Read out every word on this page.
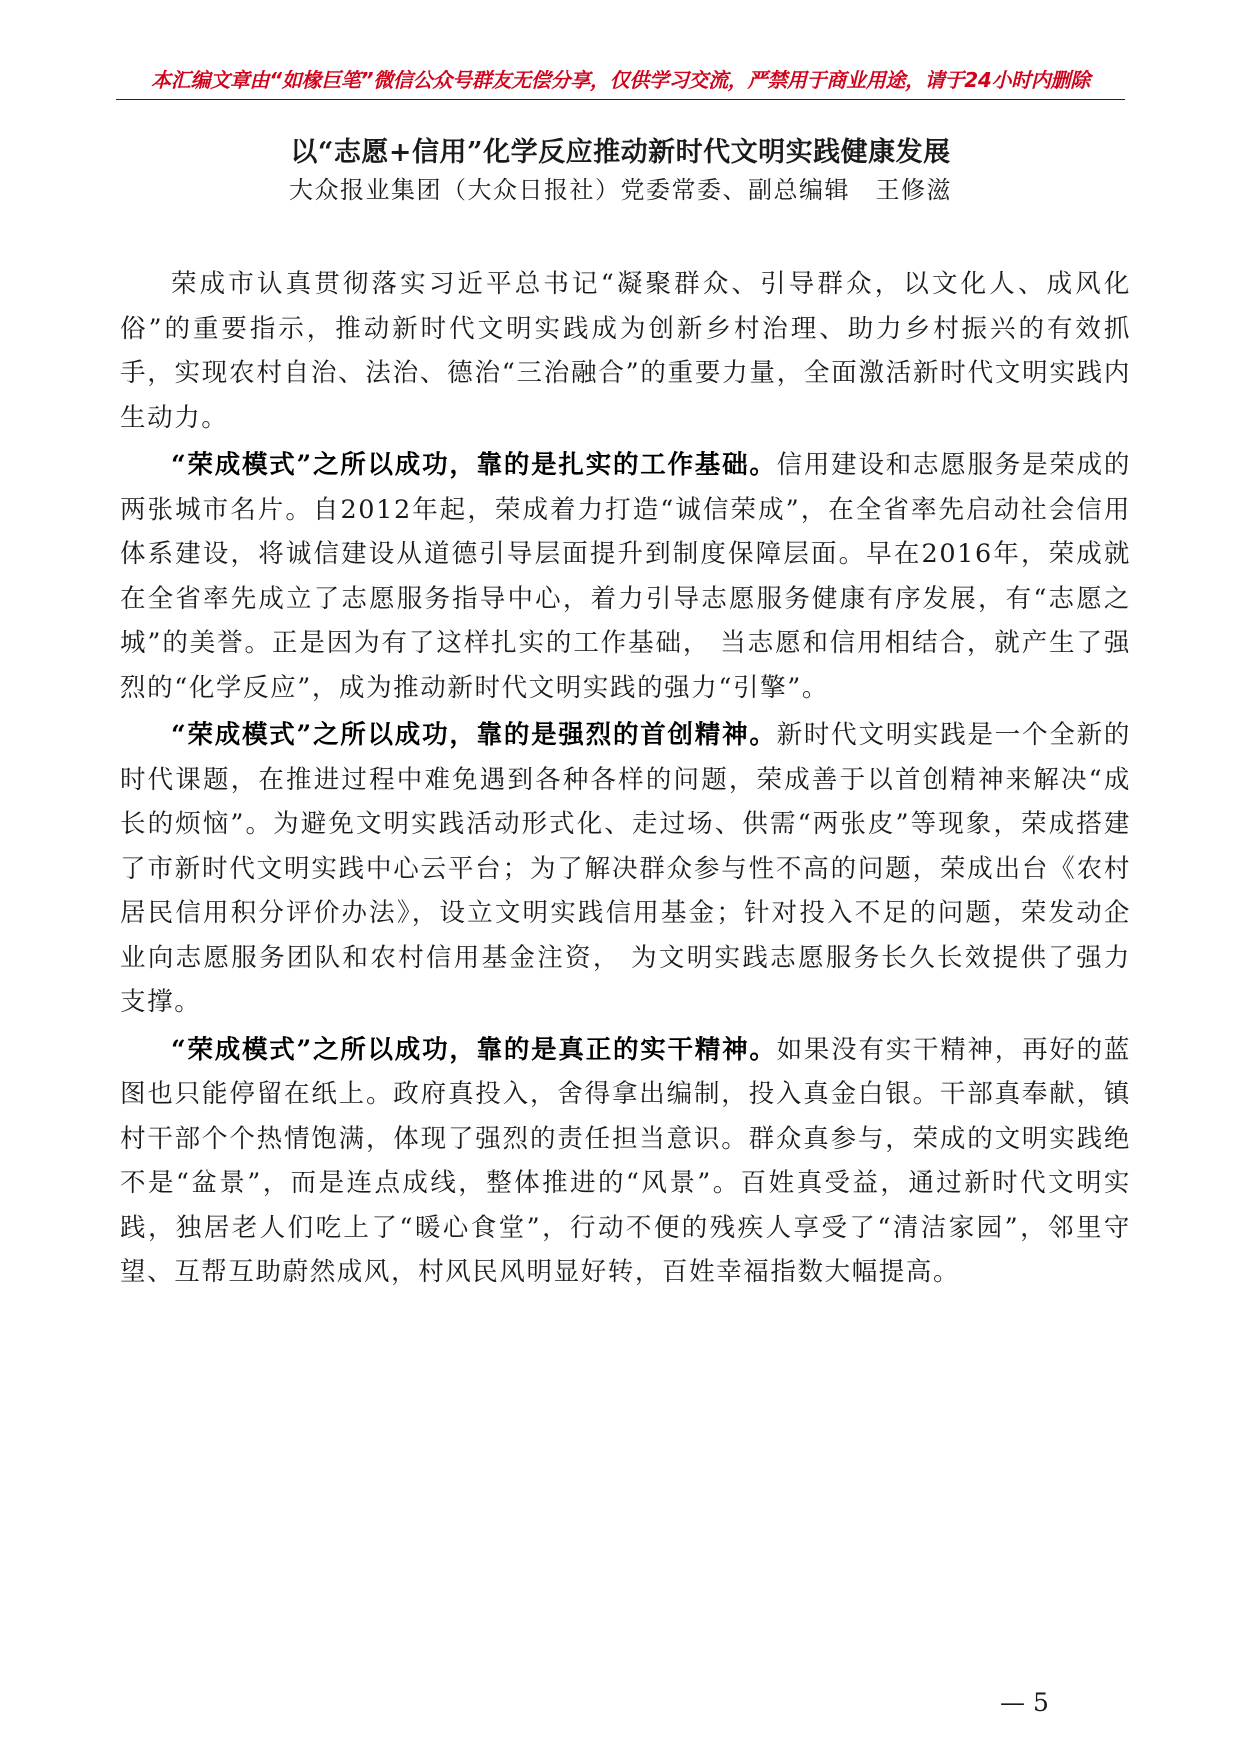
本汇编文章由“如椽巨笔”微信公众号群友无偿分享，仅供学习交流，严禁用于商业用途，请于24小时内删除
以“志愿+信用”化学反应推动新时代文明实践健康发展
大众报业集团（大众日报社）党委常委、副总编辑　王修滋

荣成市认真贯彻落实习近平总书记“凝聚群众、引导群众，以文化人、成风化俗”的重要指示，推动新时代文明实践成为创新乡村治理、助力乡村振兴的有效抓手，实现农村自治、法治、德治“三治融合”的重要力量，全面激活新时代文明实践内生动力。

“荣成模式”之所以成功，靠的是扎实的工作基础。信用建设和志愿服务是荣成的两张城市名片。自2012年起，荣成着力打造“诚信荣成”，在全省率先启动社会信用体系建设，将诚信建设从道德引导层面提升到制度保障层面。早在2016年，荣成就在全省率先成立了志愿服务指导中心，着力引导志愿服务健康有序发展，有“志愿之城”的美誉。正是因为有了这样扎实的工作基础， 当志愿和信用相结合，就产生了强烈的“化学反应”，成为推动新时代文明实践的强力“引擎”。

“荣成模式”之所以成功，靠的是强烈的首创精神。新时代文明实践是一个全新的时代课题，在推进过程中难免遇到各种各样的问题，荣成善于以首创精神来解决“成长的烦恼”。为避免文明实践活动形式化、走过场、供需“两张皮”等现象，荣成搭建了市新时代文明实践中心云平台；为了解决群众参与性不高的问题，荣成出台《农村居民信用积分评价办法》，设立文明实践信用基金；针对投入不足的问题，荣发动企业向志愿服务团队和农村信用基金注资， 为文明实践志愿服务长久长效提供了强力支撑。

“荣成模式”之所以成功，靠的是真正的实干精神。如果没有实干精神，再好的蓝图也只能停留在纸上。政府真投入，舍得拿出编制，投入真金白银。干部真奉献，镇村干部个个热情饱满，体现了强烈的责任担当意识。群众真参与，荣成的文明实践绝不是“盆景”，而是连点成线，整体推进的“风景”。百姓真受益，通过新时代文明实践，独居老人们吃上了“暖心食堂”，行动不便的残疾人享受了“清洁家园”，邻里守望、互帮互助蔚然成风，村风民风明显好转，百姓幸福指数大幅提高。

— 5
